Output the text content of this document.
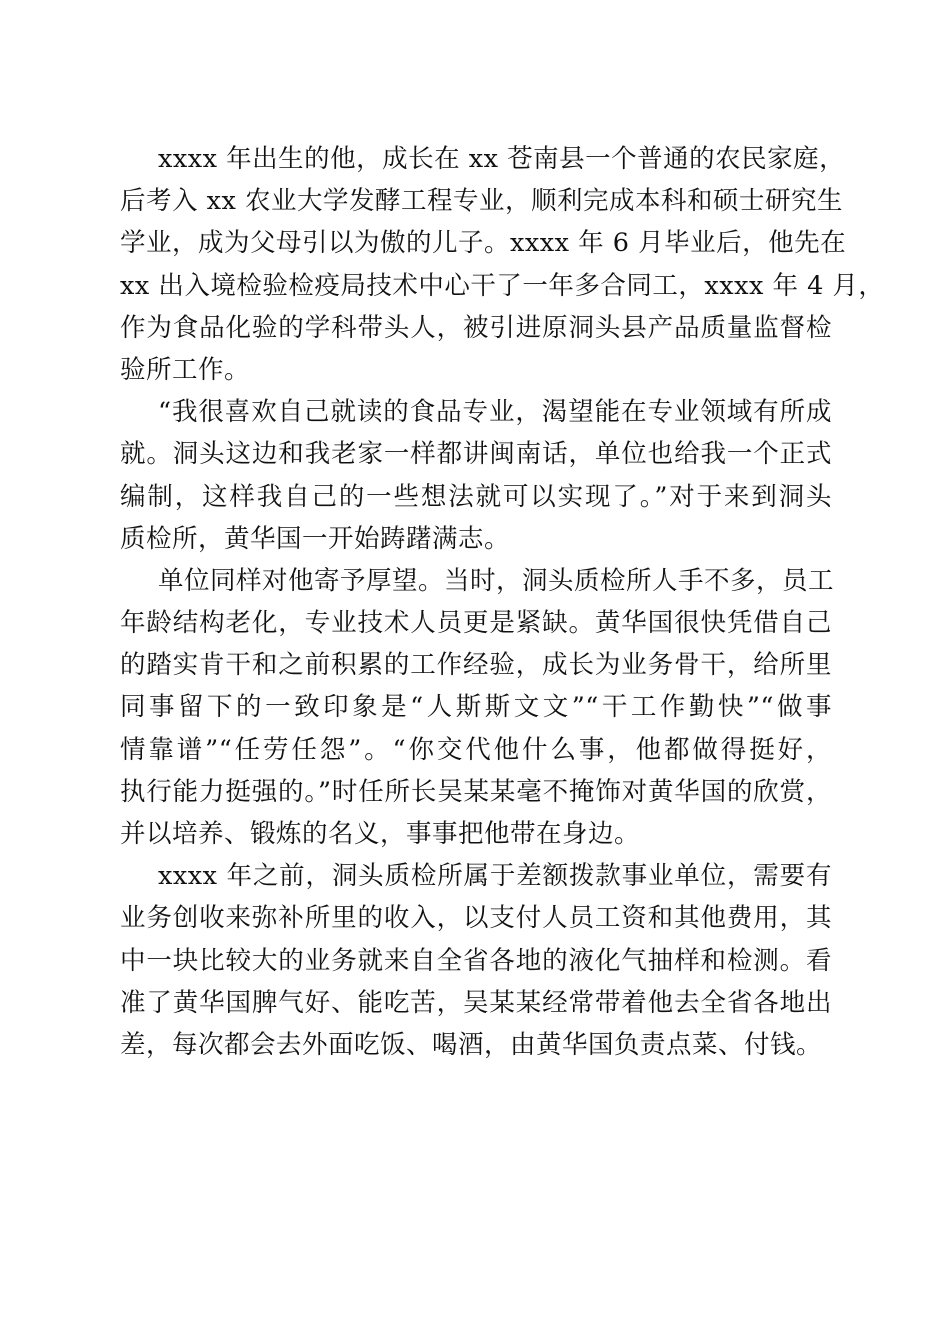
xxxx 年出生的他，成长在 xx 苍南县一个普通的农民家庭，
后考入 xx 农业大学发酵工程专业，顺利完成本科和硕士研究生
学业，成为父母引以为傲的儿子。xxxx 年 6 月毕业后，他先在
xx 出入境检验检疫局技术中心干了一年多合同工，xxxx 年 4 月，
作为食品化验的学科带头人，被引进原洞头县产品质量监督检
验所工作。
“我很喜欢自己就读的食品专业，渴望能在专业领域有所成
就。洞头这边和我老家一样都讲闽南话，单位也给我一个正式
编制，这样我自己的一些想法就可以实现了。”对于来到洞头
质检所，黄华国一开始踌躇满志。
单位同样对他寄予厚望。当时，洞头质检所人手不多，员工
年龄结构老化，专业技术人员更是紧缺。黄华国很快凭借自己
的踏实肯干和之前积累的工作经验，成长为业务骨干，给所里
同事留下的一致印象是“人斯斯文文”“干工作勤快”“做事
情靠谱”“任劳任怨”。“你交代他什么事，他都做得挺好，
执行能力挺强的。”时任所长吴某某毫不掩饰对黄华国的欣赏，
并以培养、锻炼的名义，事事把他带在身边。
xxxx 年之前，洞头质检所属于差额拨款事业单位，需要有
业务创收来弥补所里的收入，以支付人员工资和其他费用，其
中一块比较大的业务就来自全省各地的液化气抽样和检测。看
准了黄华国脾气好、能吃苦，吴某某经常带着他去全省各地出
差，每次都会去外面吃饭、喝酒，由黄华国负责点菜、付钱。
